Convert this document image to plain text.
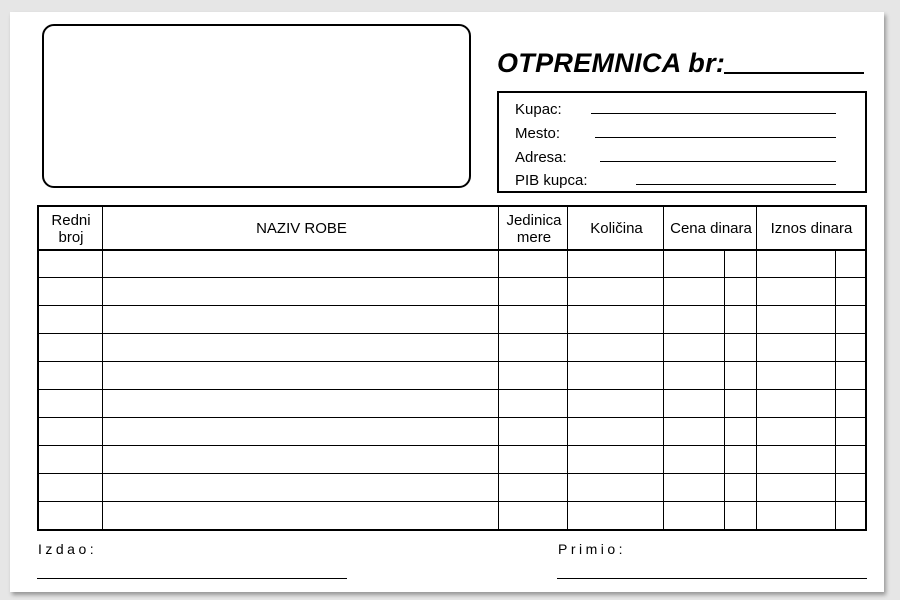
OTPREMNICA br:
Kupac:
Mesto:
Adresa:
PIB kupca:
Redni broj	NAZIV ROBE	Jedinica mere	Količina	Cena dinara	Iznos dinara
Izdao:	Primio:
